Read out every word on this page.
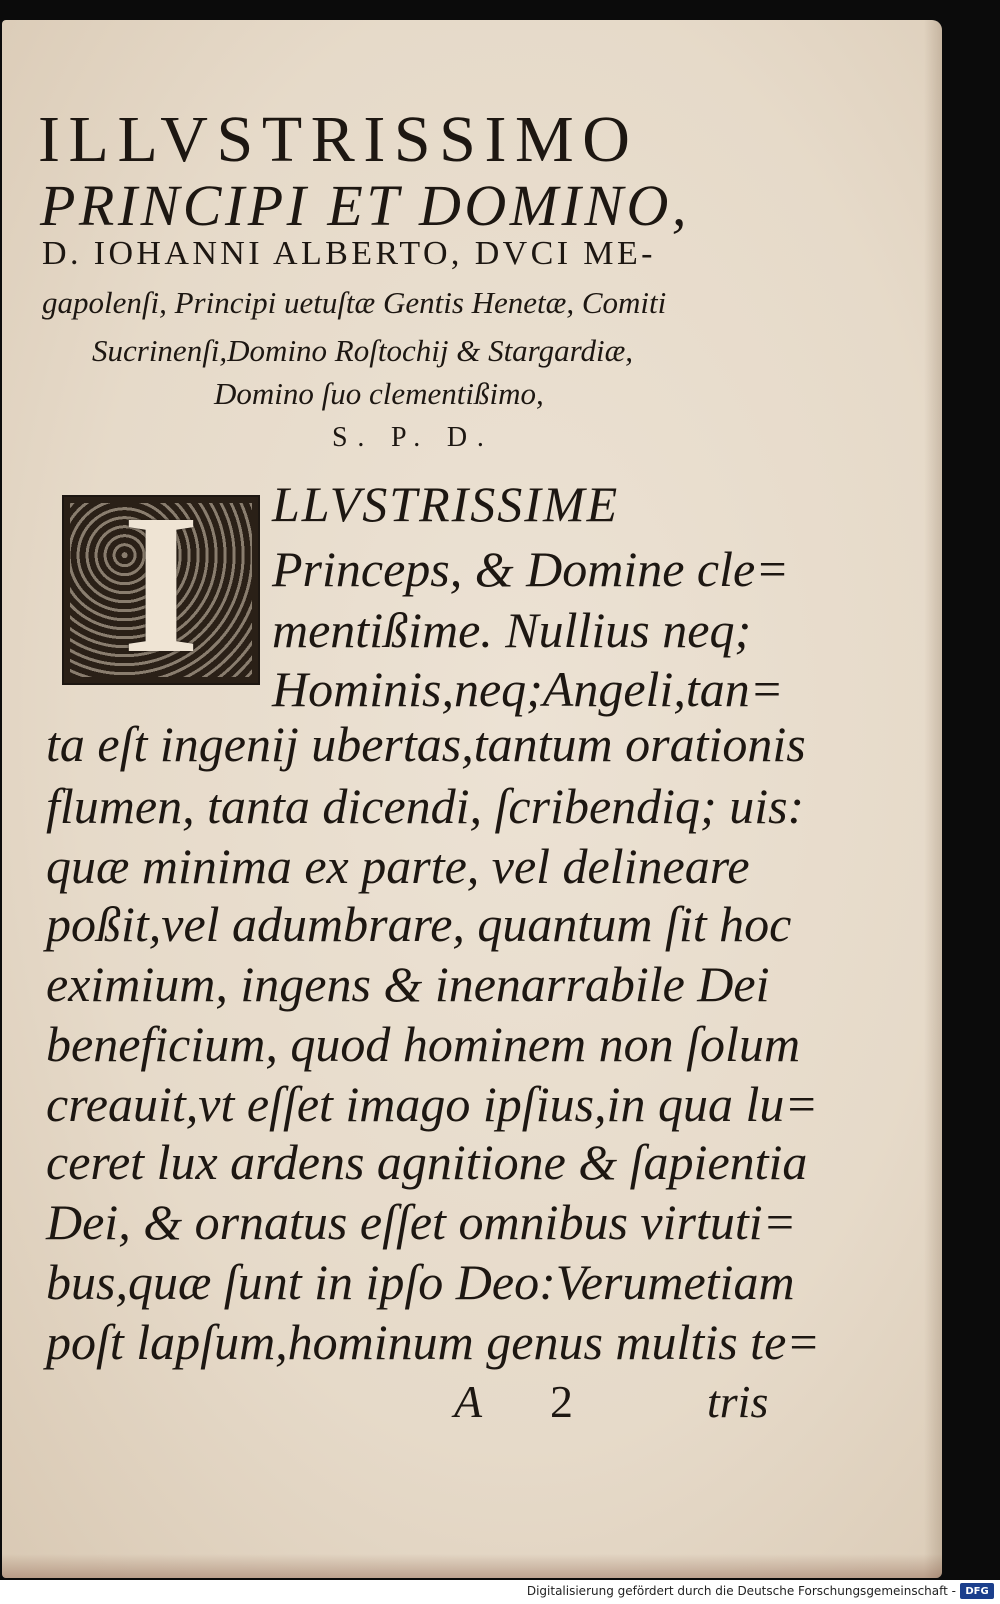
ILLVSTRISSIMO
PRINCIPI ET DOMINO,
D. IOHANNI ALBERTO, DVCI ME-
gapolenſi, Principi uetuſtæ Gentis Henetæ, Comiti
Sucrinenſi,Domino Roſtochij & Stargardiæ,
Domino ſuo clementißimo,
S. P. D.
I	LLVSTRISSIME
Princeps, & Domine cle=
mentißime. Nullius neq;
Hominis,neq;Angeli,tan=
ta eſt ingenij ubertas,tantum orationis
flumen, tanta dicendi, ſcribendiq; uis:
quæ minima ex parte, vel delineare
poßit,vel adumbrare, quantum ſit hoc
eximium, ingens & inenarrabile Dei
beneficium, quod hominem non ſolum
creauit,vt eſſet imago ipſius,in qua lu=
ceret lux ardens agnitione & ſapientia
Dei, & ornatus eſſet omnibus virtuti=
bus,quæ ſunt in ipſo Deo:Verumetiam
poſt lapſum,hominum genus multis te=
A 2	tris
Digitalisierung gefördert durch die Deutsche Forschungsgemeinschaft - DFG
